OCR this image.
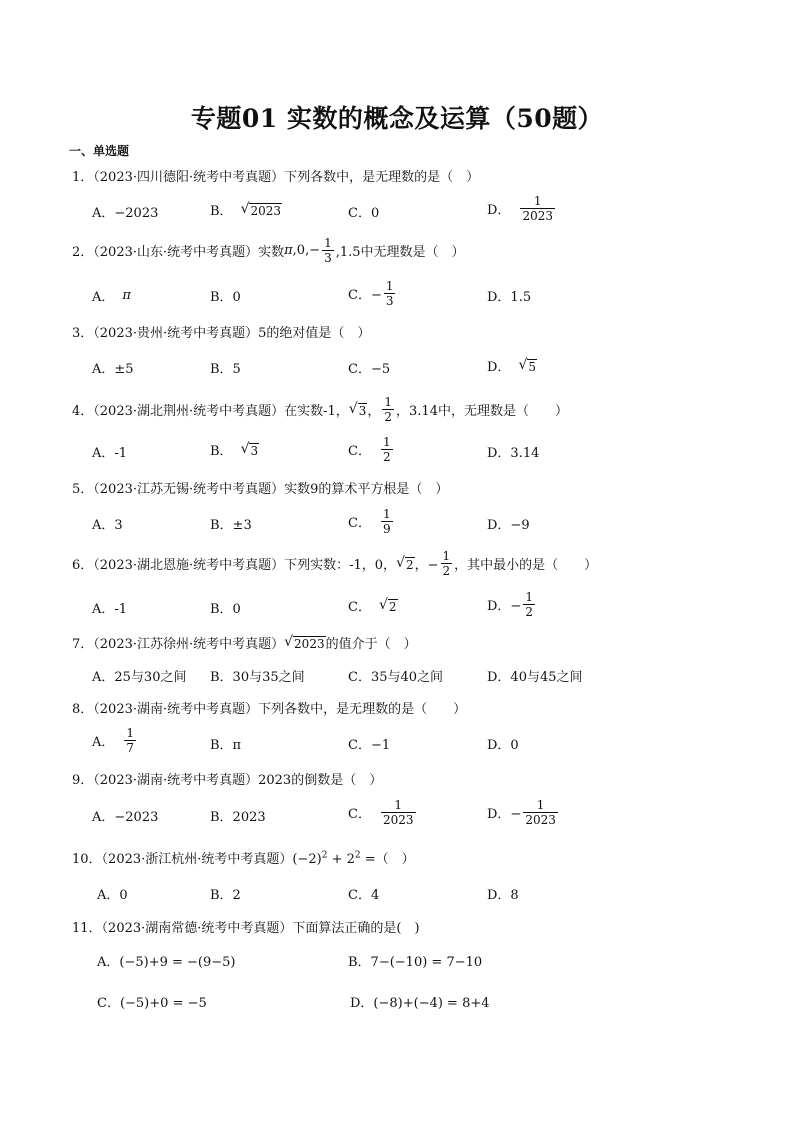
专题01 实数的概念及运算（50题）
一、单选题
1．（2023·四川德阳·统考中考真题）下列各数中，是无理数的是（　）
A．−2023	B． √ 2023	C．0	D． $\frac{1}{2023}$
2．（2023·山东·统考中考真题）实数 π $,0,- \frac{1}{3} ,1.5$中无理数是（　）
A． π	B．0	C．− $\frac{1}{3}$	D．1.5
3．（2023·贵州·统考中考真题）5的绝对值是（　）
A．±5	B．5	C．−5	D． √ 5
4．（2023·湖北荆州·统考中考真题）在实数-1， √ 3 ， $\frac{1}{2}$ ，3.14中，无理数是（　　）
A．-1	B． √ 3	C． $\frac{1}{2}$	D．3.14
5．（2023·江苏无锡·统考中考真题）实数9的算术平方根是（　）
A．3	B．±3	C． $\frac{1}{9}$	D．−9
6．（2023·湖北恩施·统考中考真题）下列实数：-1，0， √ 2 ，− $\frac{1}{2}$ ，其中最小的是（　　）
A．-1	B．0	C． √ 2	D．− $\frac{1}{2}$
7．（2023·江苏徐州·统考中考真题） √ 2023 的值介于（　）
A．25与30之间 B．30与35之间	C．35与40之间	D．40与45之间
8．（2023·湖南·统考中考真题）下列各数中，是无理数的是（　　）
A． $\frac{1}{7}$	B．π	C．−1	D．0
9．（2023·湖南·统考中考真题）2023的倒数是（　）
A．−2023	B．2023	C． $\frac{1}{2023}$	D．− $\frac{1}{2023}$
10．（2023·浙江杭州·统考中考真题）$(-2)^2 + 2^2$ =（　）
A．0	B．2	C．4	D．8
11．（2023·湖南常德·统考中考真题）下面算法正确的是(　)
A．(−5)+9 = −(9−5)	B．7−(−10) = 7−10
C．(−5)+0 = −5	D．(−8)+(−4) = 8+4
